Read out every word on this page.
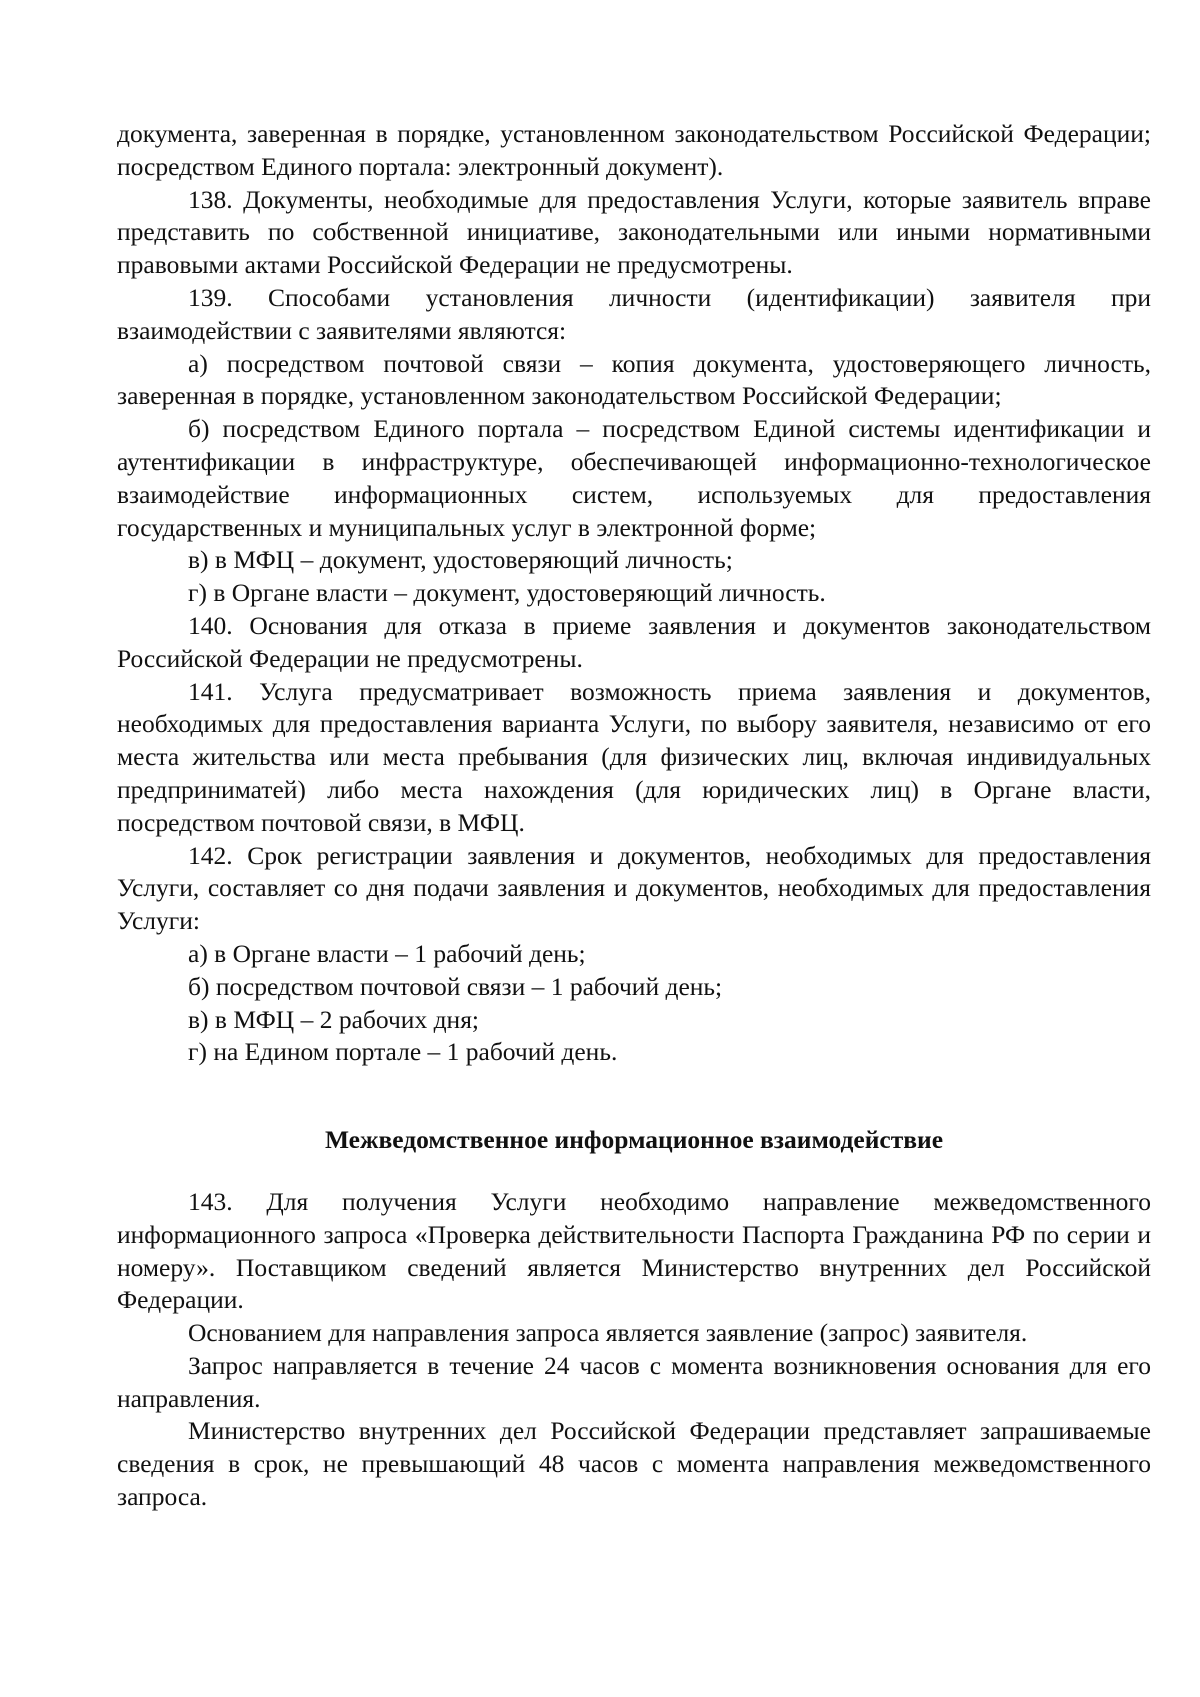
документа, заверенная в порядке, установленном законодательством Российской Федерации; посредством Единого портала: электронный документ).

138. Документы, необходимые для предоставления Услуги, которые заявитель вправе представить по собственной инициативе, законодательными или иными нормативными правовыми актами Российской Федерации не предусмотрены.

139. Способами установления личности (идентификации) заявителя при взаимодействии с заявителями являются:

а) посредством почтовой связи – копия документа, удостоверяющего личность, заверенная в порядке, установленном законодательством Российской Федерации;

б) посредством Единого портала – посредством Единой системы идентификации и аутентификации в инфраструктуре, обеспечивающей информационно-технологическое взаимодействие информационных систем, используемых для предоставления государственных и муниципальных услуг в электронной форме;

в) в МФЦ – документ, удостоверяющий личность;

г) в Органе власти – документ, удостоверяющий личность.

140. Основания для отказа в приеме заявления и документов законодательством Российской Федерации не предусмотрены.

141. Услуга предусматривает возможность приема заявления и документов, необходимых для предоставления варианта Услуги, по выбору заявителя, независимо от его места жительства или места пребывания (для физических лиц, включая индивидуальных предприниматей) либо места нахождения (для юридических лиц) в Органе власти, посредством почтовой связи, в МФЦ.

142. Срок регистрации заявления и документов, необходимых для предоставления Услуги, составляет со дня подачи заявления и документов, необходимых для предоставления Услуги:

а) в Органе власти – 1 рабочий день;

б) посредством почтовой связи – 1 рабочий день;

в) в МФЦ – 2 рабочих дня;

г) на Едином портале – 1 рабочий день.

Межведомственное информационное взаимодействие

143. Для получения Услуги необходимо направление межведомственного информационного запроса «Проверка действительности Паспорта Гражданина РФ по серии и номеру». Поставщиком сведений является Министерство внутренних дел Российской Федерации.

Основанием для направления запроса является заявление (запрос) заявителя.

Запрос направляется в течение 24 часов с момента возникновения основания для его направления.

Министерство внутренних дел Российской Федерации представляет запрашиваемые сведения в срок, не превышающий 48 часов с момента направления межведомственного запроса.
